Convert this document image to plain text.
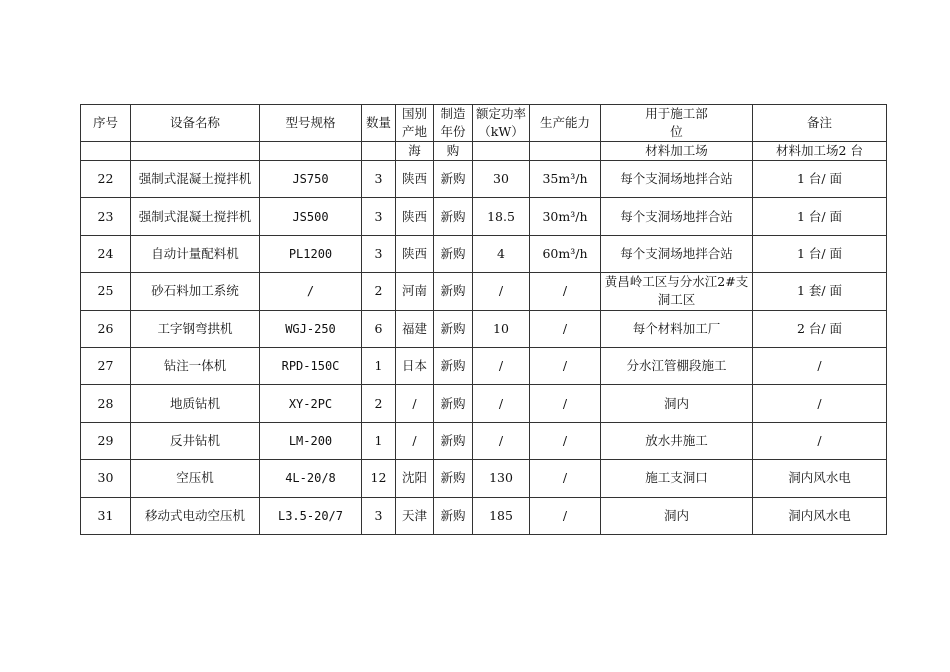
序号	设备名称	型号规格	数量	国别产地	制造年份	额定功率（kW）	生产能力	用于施工部位	备注
				海	购			材料加工场	材料加工场2 台
22	强制式混凝土搅拌机	JS750	3	陕西	新购	30	35m³/h	每个支洞场地拌合站	1 台/ 面
23	强制式混凝土搅拌机	JS500	3	陕西	新购	18.5	30m³/h	每个支洞场地拌合站	1 台/ 面
24	自动计量配料机	PL1200	3	陕西	新购	4	60m³/h	每个支洞场地拌合站	1 台/ 面
25	砂石料加工系统	/	2	河南	新购	/	/	黄昌岭工区与分水江2#支洞工区	1 套/ 面
26	工字钢弯拱机	WGJ-250	6	福建	新购	10	/	每个材料加工厂	2 台/ 面
27	钻注一体机	RPD-150C	1	日本	新购	/	/	分水江管棚段施工	/
28	地质钻机	XY-2PC	2	/	新购	/	/	洞内	/
29	反井钻机	LM-200	1	/	新购	/	/	放水井施工	/
30	空压机	4L-20/8	12	沈阳	新购	130	/	施工支洞口	洞内风水电
31	移动式电动空压机	L3.5-20/7	3	天津	新购	185	/	洞内	洞内风水电
